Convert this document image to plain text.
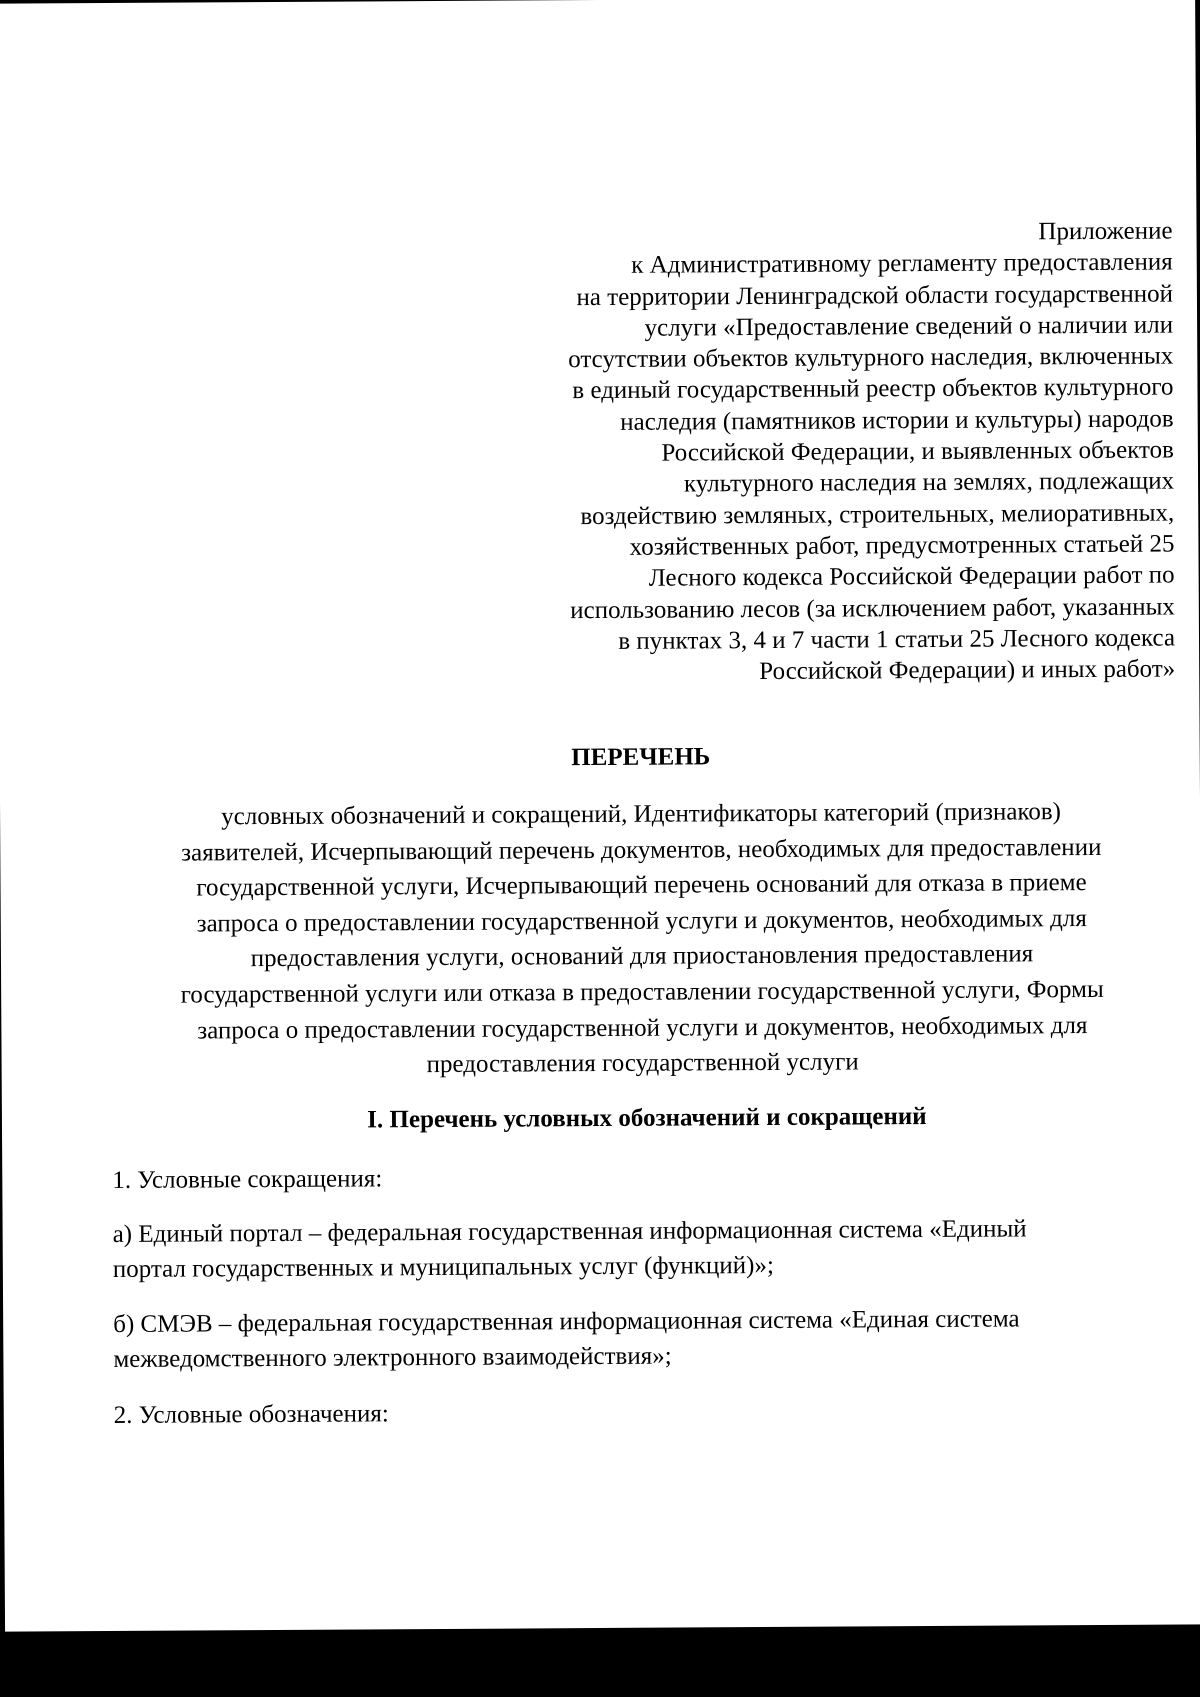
Приложение
к Административному регламенту предоставления
на территории Ленинградской области государственной
услуги «Предоставление сведений о наличии или
отсутствии объектов культурного наследия, включенных
в единый государственный реестр объектов культурного
наследия (памятников истории и культуры) народов
Российской Федерации, и выявленных объектов
культурного наследия на землях, подлежащих
воздействию земляных, строительных, мелиоративных,
хозяйственных работ, предусмотренных статьей 25
Лесного кодекса Российской Федерации работ по
использованию лесов (за исключением работ, указанных
в пунктах 3, 4 и 7 части 1 статьи 25 Лесного кодекса
Российской Федерации) и иных работ»
ПЕРЕЧЕНЬ
условных обозначений и сокращений, Идентификаторы категорий (признаков)
заявителей, Исчерпывающий перечень документов, необходимых для предоставлении
государственной услуги, Исчерпывающий перечень оснований для отказа в приеме
запроса о предоставлении государственной услуги и документов, необходимых для
предоставления услуги, оснований для приостановления предоставления
государственной услуги или отказа в предоставлении государственной услуги, Формы
запроса о предоставлении государственной услуги и документов, необходимых для
предоставления государственной услуги
I. Перечень условных обозначений и сокращений
1. Условные сокращения:
а) Единый портал – федеральная государственная информационная система «Единый
портал государственных и муниципальных услуг (функций)»;
б) СМЭВ – федеральная государственная информационная система «Единая система
межведомственного электронного взаимодействия»;
2. Условные обозначения:
